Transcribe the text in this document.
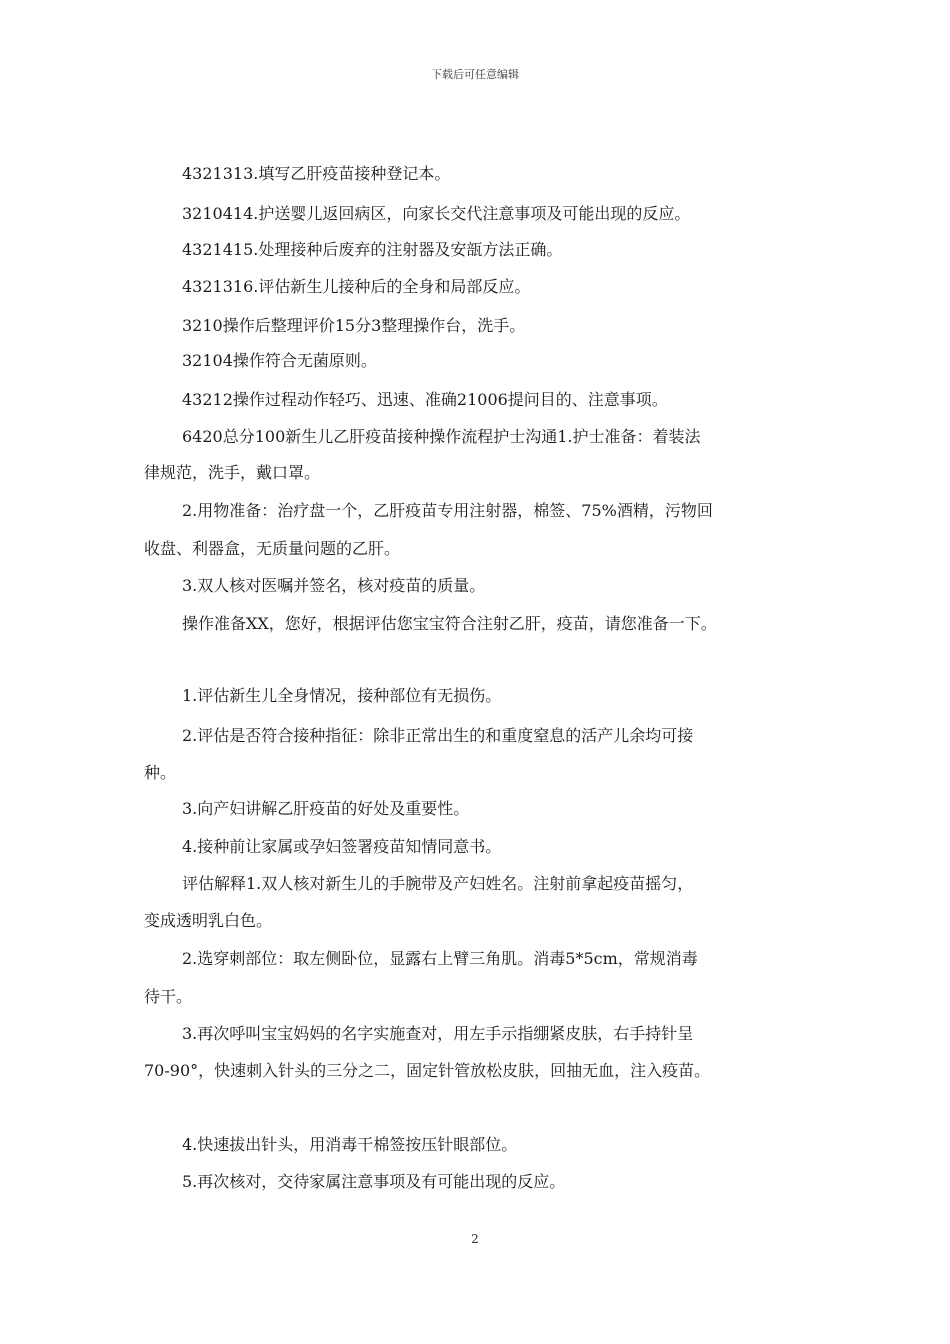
下载后可任意编辑
4321313.填写乙肝疫苗接种登记本。
3210414.护送婴儿返回病区，向家长交代注意事项及可能出现的反应。
4321415.处理接种后废弃的注射器及安瓿方法正确。
4321316.评估新生儿接种后的全身和局部反应。
3210操作后整理评价15分3整理操作台，洗手。
32104操作符合无菌原则。
43212操作过程动作轻巧、迅速、准确21006提问目的、注意事项。
6420总分100新生儿乙肝疫苗接种操作流程护士沟通1.护士准备：着装法
律规范，洗手，戴口罩。
2.用物准备：治疗盘一个，乙肝疫苗专用注射器，棉签、75%酒精，污物回
收盘、利器盒，无质量问题的乙肝。
3.双人核对医嘱并签名，核对疫苗的质量。
操作准备XX，您好，根据评估您宝宝符合注射乙肝，疫苗，请您准备一下。
1.评估新生儿全身情况，接种部位有无损伤。
2.评估是否符合接种指征：除非正常出生的和重度窒息的活产儿余均可接
种。
3.向产妇讲解乙肝疫苗的好处及重要性。
4.接种前让家属或孕妇签署疫苗知情同意书。
评估解释1.双人核对新生儿的手腕带及产妇姓名。注射前拿起疫苗摇匀，
变成透明乳白色。
2.选穿刺部位：取左侧卧位，显露右上臂三角肌。消毒5*5cm，常规消毒
待干。
3.再次呼叫宝宝妈妈的名字实施查对，用左手示指绷紧皮肤，右手持针呈
70-90°，快速刺入针头的三分之二，固定针管放松皮肤，回抽无血，注入疫苗。
4.快速拔出针头，用消毒干棉签按压针眼部位。
5.再次核对，交待家属注意事项及有可能出现的反应。
2
